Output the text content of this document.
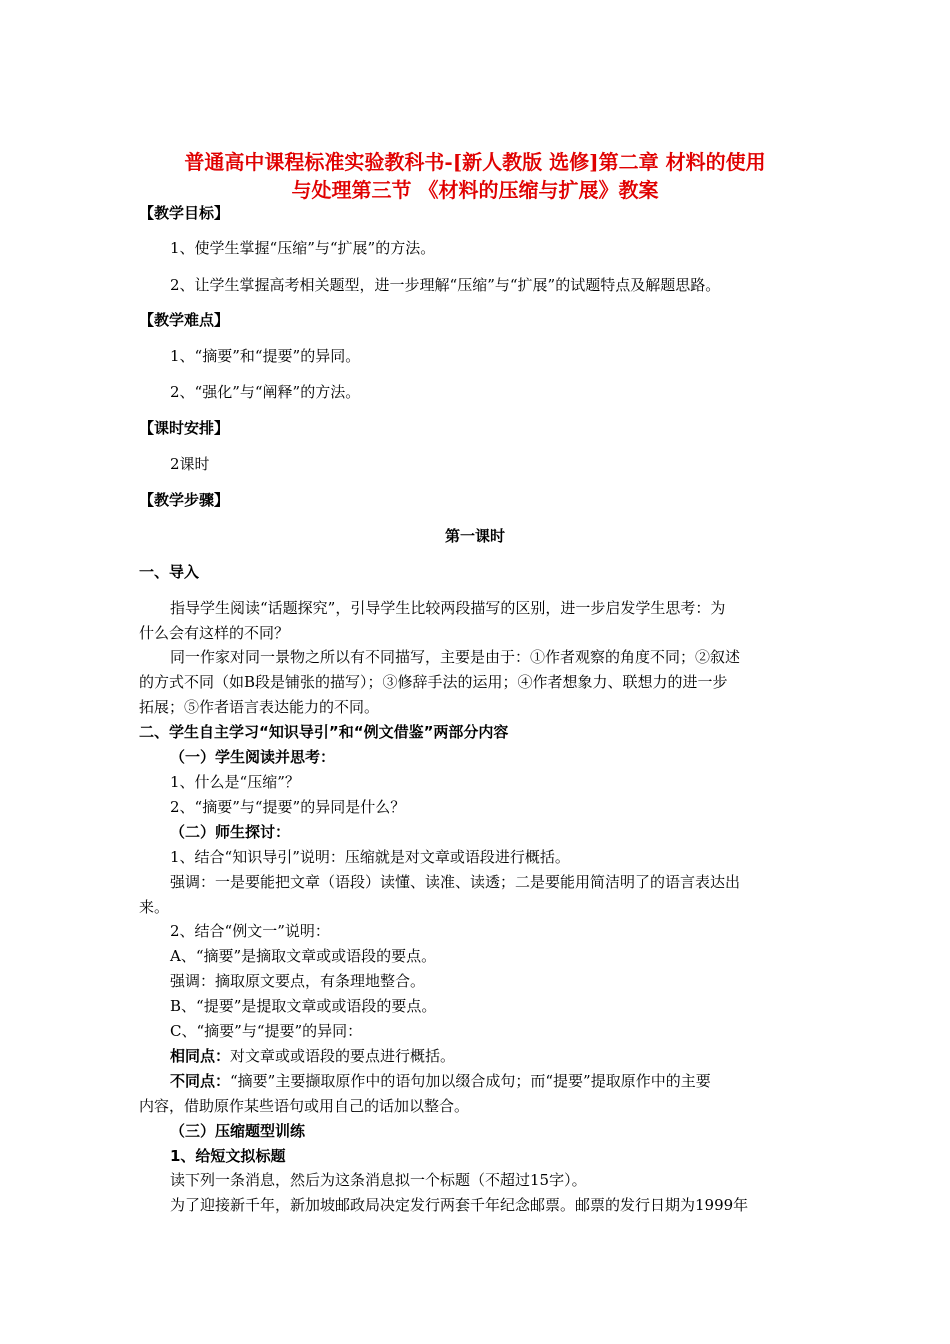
普通高中课程标准实验教科书-[新人教版 选修]第二章 材料的使用
与处理第三节 《材料的压缩与扩展》教案
【教学目标】
1、使学生掌握“压缩”与“扩展”的方法。
2、让学生掌握高考相关题型，进一步理解“压缩”与“扩展”的试题特点及解题思路。
【教学难点】
1、“摘要”和“提要”的异同。
2、“强化”与“阐释”的方法。
【课时安排】
2课时
【教学步骤】
第一课时
一、导入
指导学生阅读“话题探究”，引导学生比较两段描写的区别，进一步启发学生思考：为
什么会有这样的不同？
同一作家对同一景物之所以有不同描写，主要是由于：①作者观察的角度不同；②叙述
的方式不同（如B段是铺张的描写）；③修辞手法的运用；④作者想象力、联想力的进一步
拓展；⑤作者语言表达能力的不同。
二、学生自主学习“知识导引”和“例文借鉴”两部分内容
（一）学生阅读并思考：
1、什么是“压缩”？
2、“摘要”与“提要”的异同是什么？
（二）师生探讨：
1、结合“知识导引”说明：压缩就是对文章或语段进行概括。
强调：一是要能把文章（语段）读懂、读准、读透；二是要能用简洁明了的语言表达出
来。
2、结合“例文一”说明：
A、“摘要”是摘取文章或或语段的要点。
强调：摘取原文要点，有条理地整合。
B、“提要”是提取文章或或语段的要点。
C、“摘要”与“提要”的异同：
相同点：对文章或或语段的要点进行概括。
不同点：“摘要”主要撷取原作中的语句加以缀合成句；而“提要”提取原作中的主要
内容，借助原作某些语句或用自己的话加以整合。
（三）压缩题型训练
1、给短文拟标题
读下列一条消息，然后为这条消息拟一个标题（不超过15字）。
为了迎接新千年，新加坡邮政局决定发行两套千年纪念邮票。邮票的发行日期为1999年
